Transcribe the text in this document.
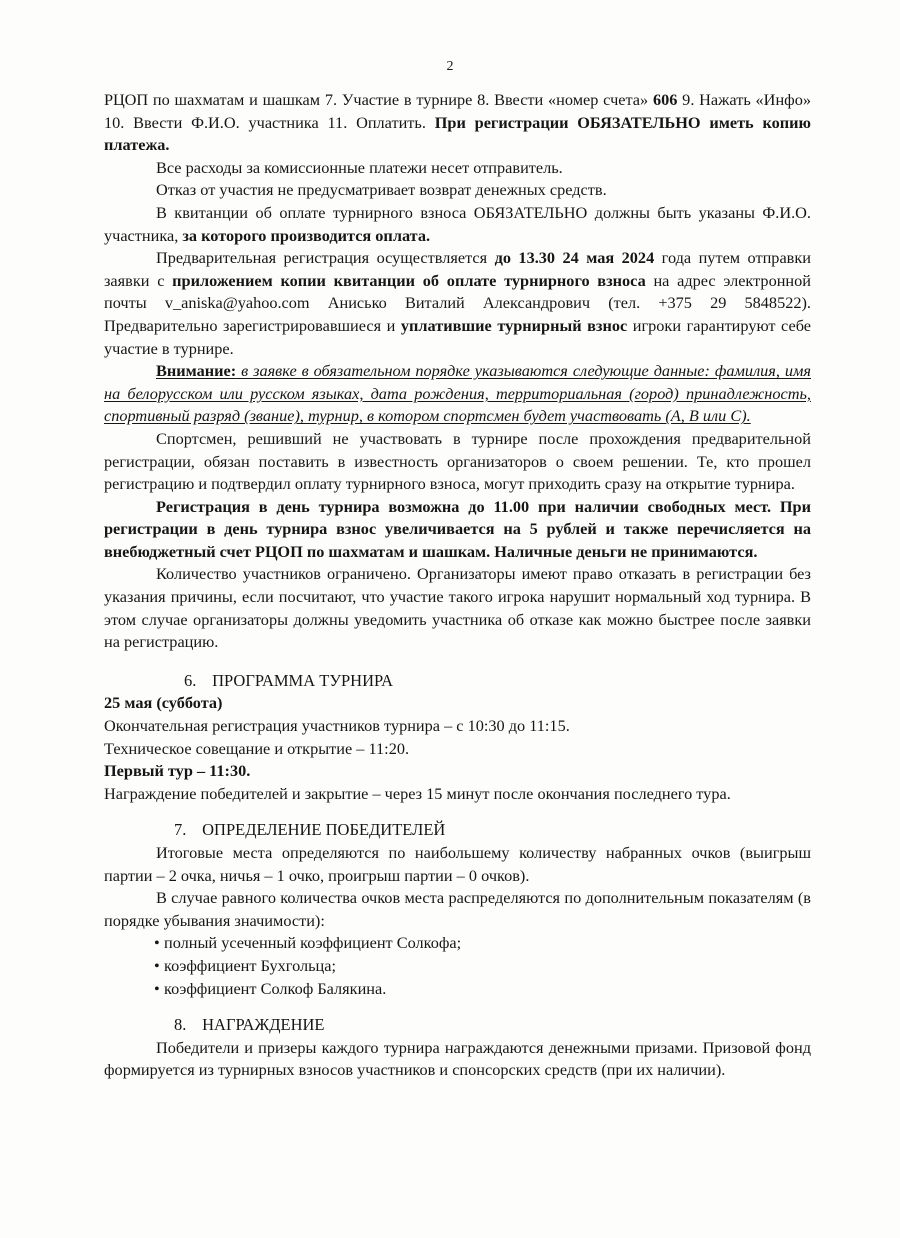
2

РЦОП по шахматам и шашкам 7. Участие в турнире 8. Ввести «номер счета» 606 9. Нажать «Инфо» 10. Ввести Ф.И.О. участника 11. Оплатить. При регистрации ОБЯЗАТЕЛЬНО иметь копию платежа.

Все расходы за комиссионные платежи несет отправитель.

Отказ от участия не предусматривает возврат денежных средств.

В квитанции об оплате турнирного взноса ОБЯЗАТЕЛЬНО должны быть указаны Ф.И.О. участника, за которого производится оплата.

Предварительная регистрация осуществляется до 13.30 24 мая 2024 года путем отправки заявки с приложением копии квитанции об оплате турнирного взноса на адрес электронной почты v_aniska@yahoo.com Анисько Виталий Александрович (тел. +375 29 5848522). Предварительно зарегистрировавшиеся и уплатившие турнирный взнос игроки гарантируют себе участие в турнире.

Внимание: в заявке в обязательном порядке указываются следующие данные: фамилия, имя на белорусском или русском языках, дата рождения, территориальная (город) принадлежность, спортивный разряд (звание), турнир, в котором спортсмен будет участвовать (А, В или С).

Спортсмен, решивший не участвовать в турнире после прохождения предварительной регистрации, обязан поставить в известность организаторов о своем решении. Те, кто прошел регистрацию и подтвердил оплату турнирного взноса, могут приходить сразу на открытие турнира.

Регистрация в день турнира возможна до 11.00 при наличии свободных мест. При регистрации в день турнира взнос увеличивается на 5 рублей и также перечисляется на внебюджетный счет РЦОП по шахматам и шашкам. Наличные деньги не принимаются.

Количество участников ограничено. Организаторы имеют право отказать в регистрации без указания причины, если посчитают, что участие такого игрока нарушит нормальный ход турнира. В этом случае организаторы должны уведомить участника об отказе как можно быстрее после заявки на регистрацию.

6. ПРОГРАММА ТУРНИРА

25 мая (суббота)

Окончательная регистрация участников турнира – с 10:30 до 11:15.

Техническое совещание и открытие – 11:20.

Первый тур – 11:30.

Награждение победителей и закрытие – через 15 минут после окончания последнего тура.

7. ОПРЕДЕЛЕНИЕ ПОБЕДИТЕЛЕЙ

Итоговые места определяются по наибольшему количеству набранных очков (выигрыш партии – 2 очка, ничья – 1 очко, проигрыш партии – 0 очков).

В случае равного количества очков места распределяются по дополнительным показателям (в порядке убывания значимости):

• полный усеченный коэффициент Солкофа;

• коэффициент Бухгольца;

• коэффициент Солкоф Балякина.

8. НАГРАЖДЕНИЕ

Победители и призеры каждого турнира награждаются денежными призами. Призовой фонд формируется из турнирных взносов участников и спонсорских средств (при их наличии).
